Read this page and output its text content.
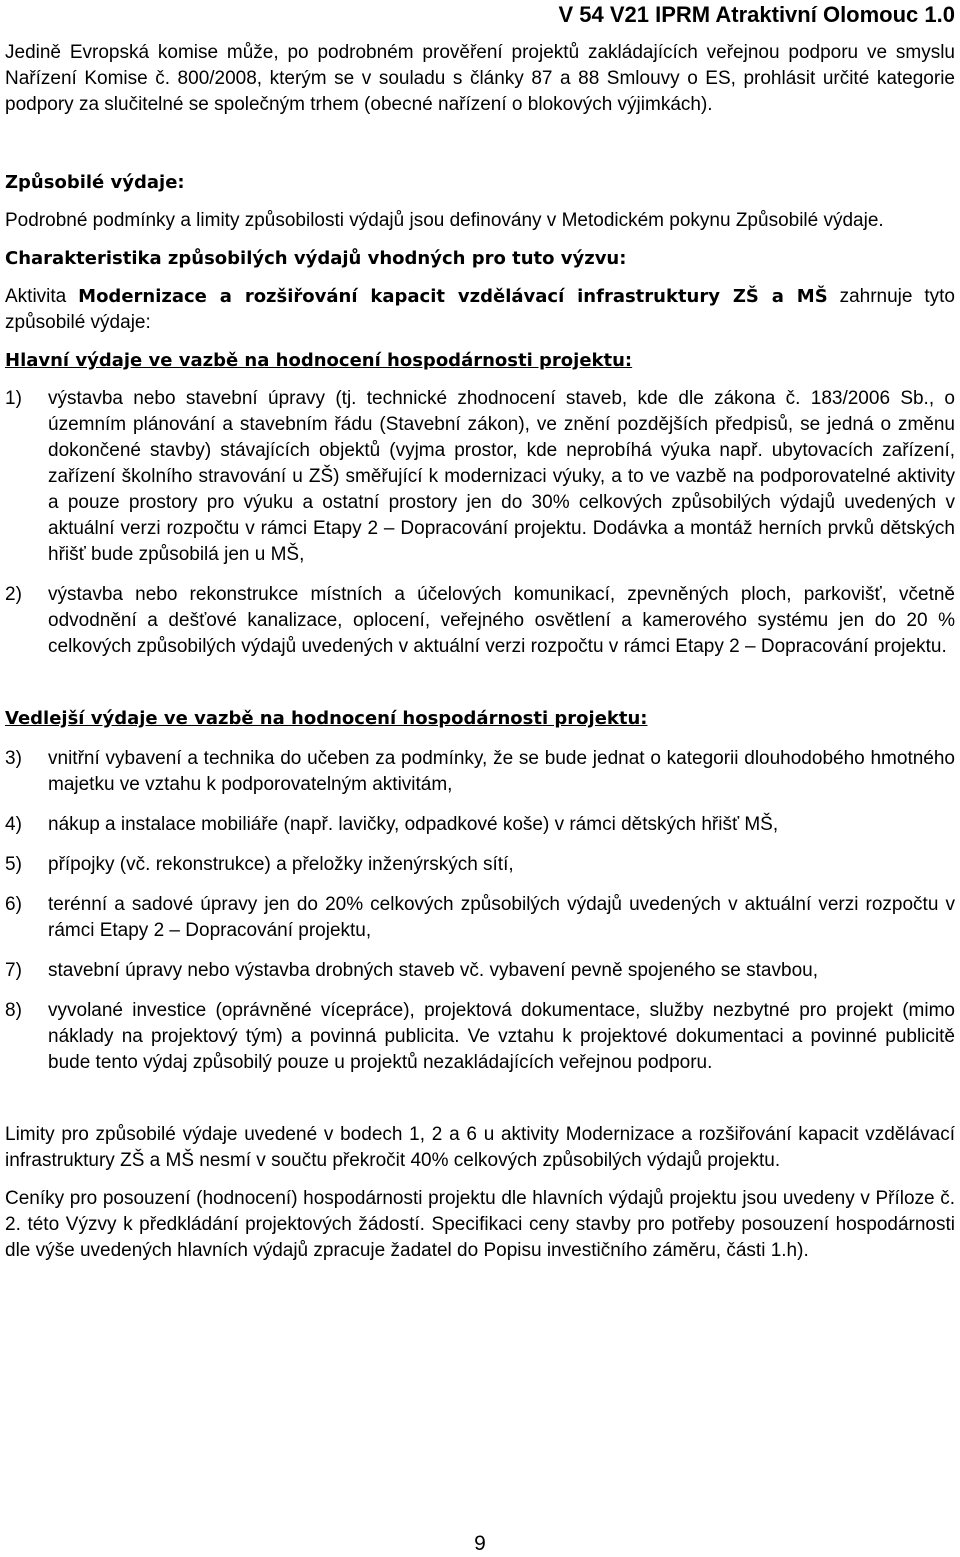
V 54 V21 IPRM Atraktivní Olomouc 1.0

Jedině Evropská komise může, po podrobném prověření projektů zakládajících veřejnou podporu ve smyslu Nařízení Komise č. 800/2008, kterým se v souladu s články 87 a 88 Smlouvy o ES, prohlásit určité kategorie podpory za slučitelné se společným trhem (obecné nařízení o blokových výjimkách).

Způsobilé výdaje:

Podrobné podmínky a limity způsobilosti výdajů jsou definovány v Metodickém pokynu Způsobilé výdaje.

Charakteristika způsobilých výdajů vhodných pro tuto výzvu:

Aktivita Modernizace a rozšiřování kapacit vzdělávací infrastruktury ZŠ a MŠ zahrnuje tyto způsobilé výdaje:

Hlavní výdaje ve vazbě na hodnocení hospodárnosti projektu:

1) výstavba nebo stavební úpravy (tj. technické zhodnocení staveb, kde dle zákona č. 183/2006 Sb., o územním plánování a stavebním řádu (Stavební zákon), ve znění pozdějších předpisů, se jedná o změnu dokončené stavby) stávajících objektů (vyjma prostor, kde neprobíhá výuka např. ubytovacích zařízení, zařízení školního stravování u ZŠ) směřující k modernizaci výuky, a to ve vazbě na podporovatelné aktivity a pouze prostory pro výuku a ostatní prostory jen do 30% celkových způsobilých výdajů uvedených v aktuální verzi rozpočtu v rámci Etapy 2 – Dopracování projektu. Dodávka a montáž herních prvků dětských hřišť bude způsobilá jen u MŠ,
2) výstavba nebo rekonstrukce místních a účelových komunikací, zpevněných ploch, parkovišť, včetně odvodnění a dešťové kanalizace, oplocení, veřejného osvětlení a kamerového systému jen do 20 % celkových způsobilých výdajů uvedených v aktuální verzi rozpočtu v rámci Etapy 2 – Dopracování projektu.

Vedlejší výdaje ve vazbě na hodnocení hospodárnosti projektu:

3) vnitřní vybavení a technika do učeben za podmínky, že se bude jednat o kategorii dlouhodobého hmotného majetku ve vztahu k podporovatelným aktivitám,
4) nákup a instalace mobiliáře (např. lavičky, odpadkové koše) v rámci dětských hřišť MŠ,
5) přípojky (vč. rekonstrukce) a přeložky inženýrských sítí,
6) terénní a sadové úpravy jen do 20% celkových způsobilých výdajů uvedených v aktuální verzi rozpočtu v rámci Etapy 2 – Dopracování projektu,
7) stavební úpravy nebo výstavba drobných staveb vč. vybavení pevně spojeného se stavbou,
8) vyvolané investice (oprávněné vícepráce), projektová dokumentace, služby nezbytné pro projekt (mimo náklady na projektový tým) a povinná publicita. Ve vztahu k projektové dokumentaci a povinné publicitě bude tento výdaj způsobilý pouze u projektů nezakládajících veřejnou podporu.

Limity pro způsobilé výdaje uvedené v bodech 1, 2 a 6 u aktivity Modernizace a rozšiřování kapacit vzdělávací infrastruktury ZŠ a MŠ nesmí v součtu překročit 40% celkových způsobilých výdajů projektu.

Ceníky pro posouzení (hodnocení) hospodárnosti projektu dle hlavních výdajů projektu jsou uvedeny v Příloze č. 2. této Výzvy k předkládání projektových žádostí. Specifikaci ceny stavby pro potřeby posouzení hospodárnosti dle výše uvedených hlavních výdajů zpracuje žadatel do Popisu investičního záměru, části 1.h).

9
